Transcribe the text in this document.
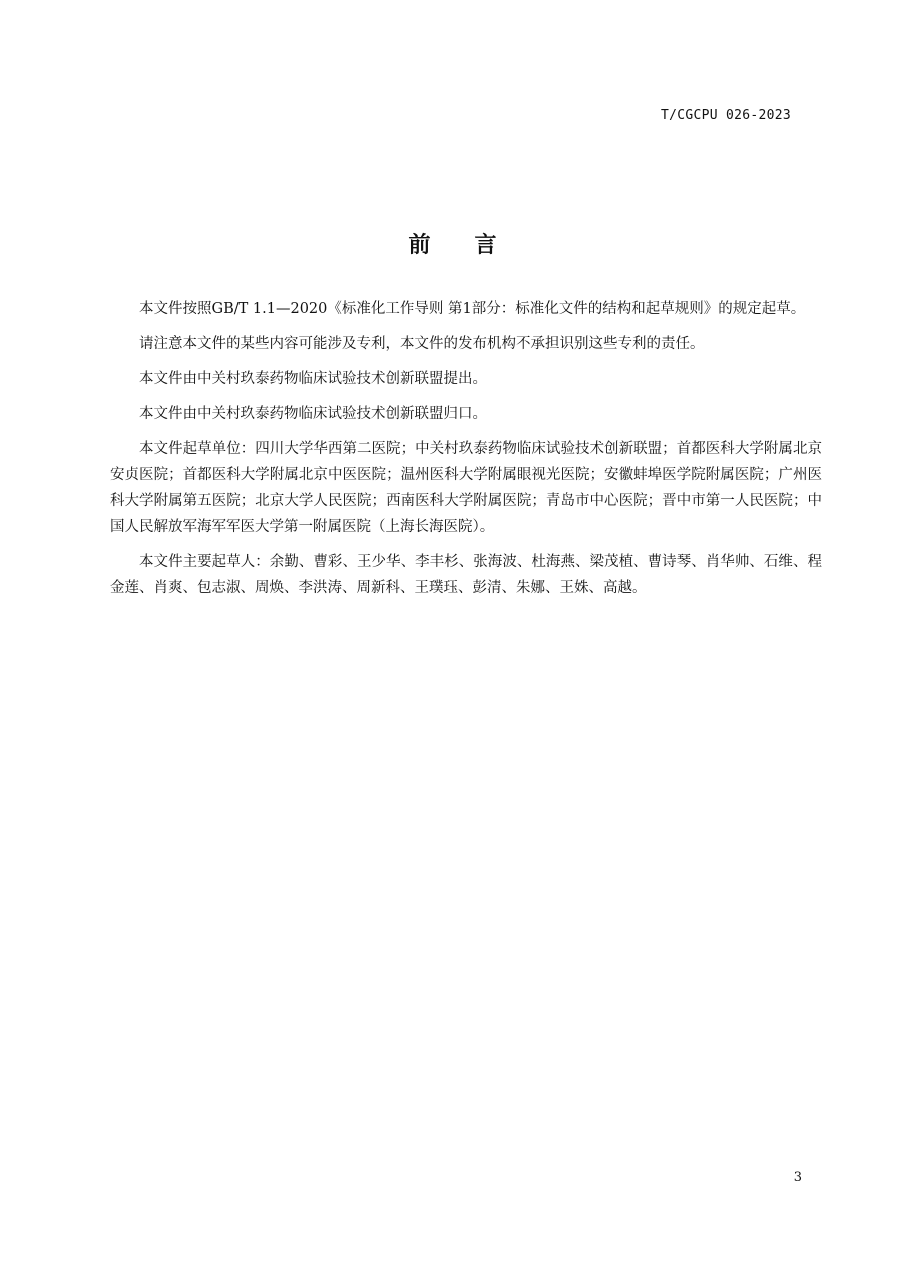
T/CGCPU 026-2023
前言

本文件按照GB/T 1.1—2020《标准化工作导则 第1部分：标准化文件的结构和起草规则》的规定起草。

请注意本文件的某些内容可能涉及专利，本文件的发布机构不承担识别这些专利的责任。

本文件由中关村玖泰药物临床试验技术创新联盟提出。

本文件由中关村玖泰药物临床试验技术创新联盟归口。

本文件起草单位：四川大学华西第二医院；中关村玖泰药物临床试验技术创新联盟；首都医科大学附属北京安贞医院；首都医科大学附属北京中医医院；温州医科大学附属眼视光医院；安徽蚌埠医学院附属医院；广州医科大学附属第五医院；北京大学人民医院；西南医科大学附属医院；青岛市中心医院；晋中市第一人民医院；中国人民解放军海军军医大学第一附属医院（上海长海医院）。

本文件主要起草人：余勤、曹彩、王少华、李丰杉、张海波、杜海燕、梁茂植、曹诗琴、肖华帅、石维、程金莲、肖爽、包志淑、周焕、李洪涛、周新科、王璞珏、彭清、朱娜、王姝、高越。

3
